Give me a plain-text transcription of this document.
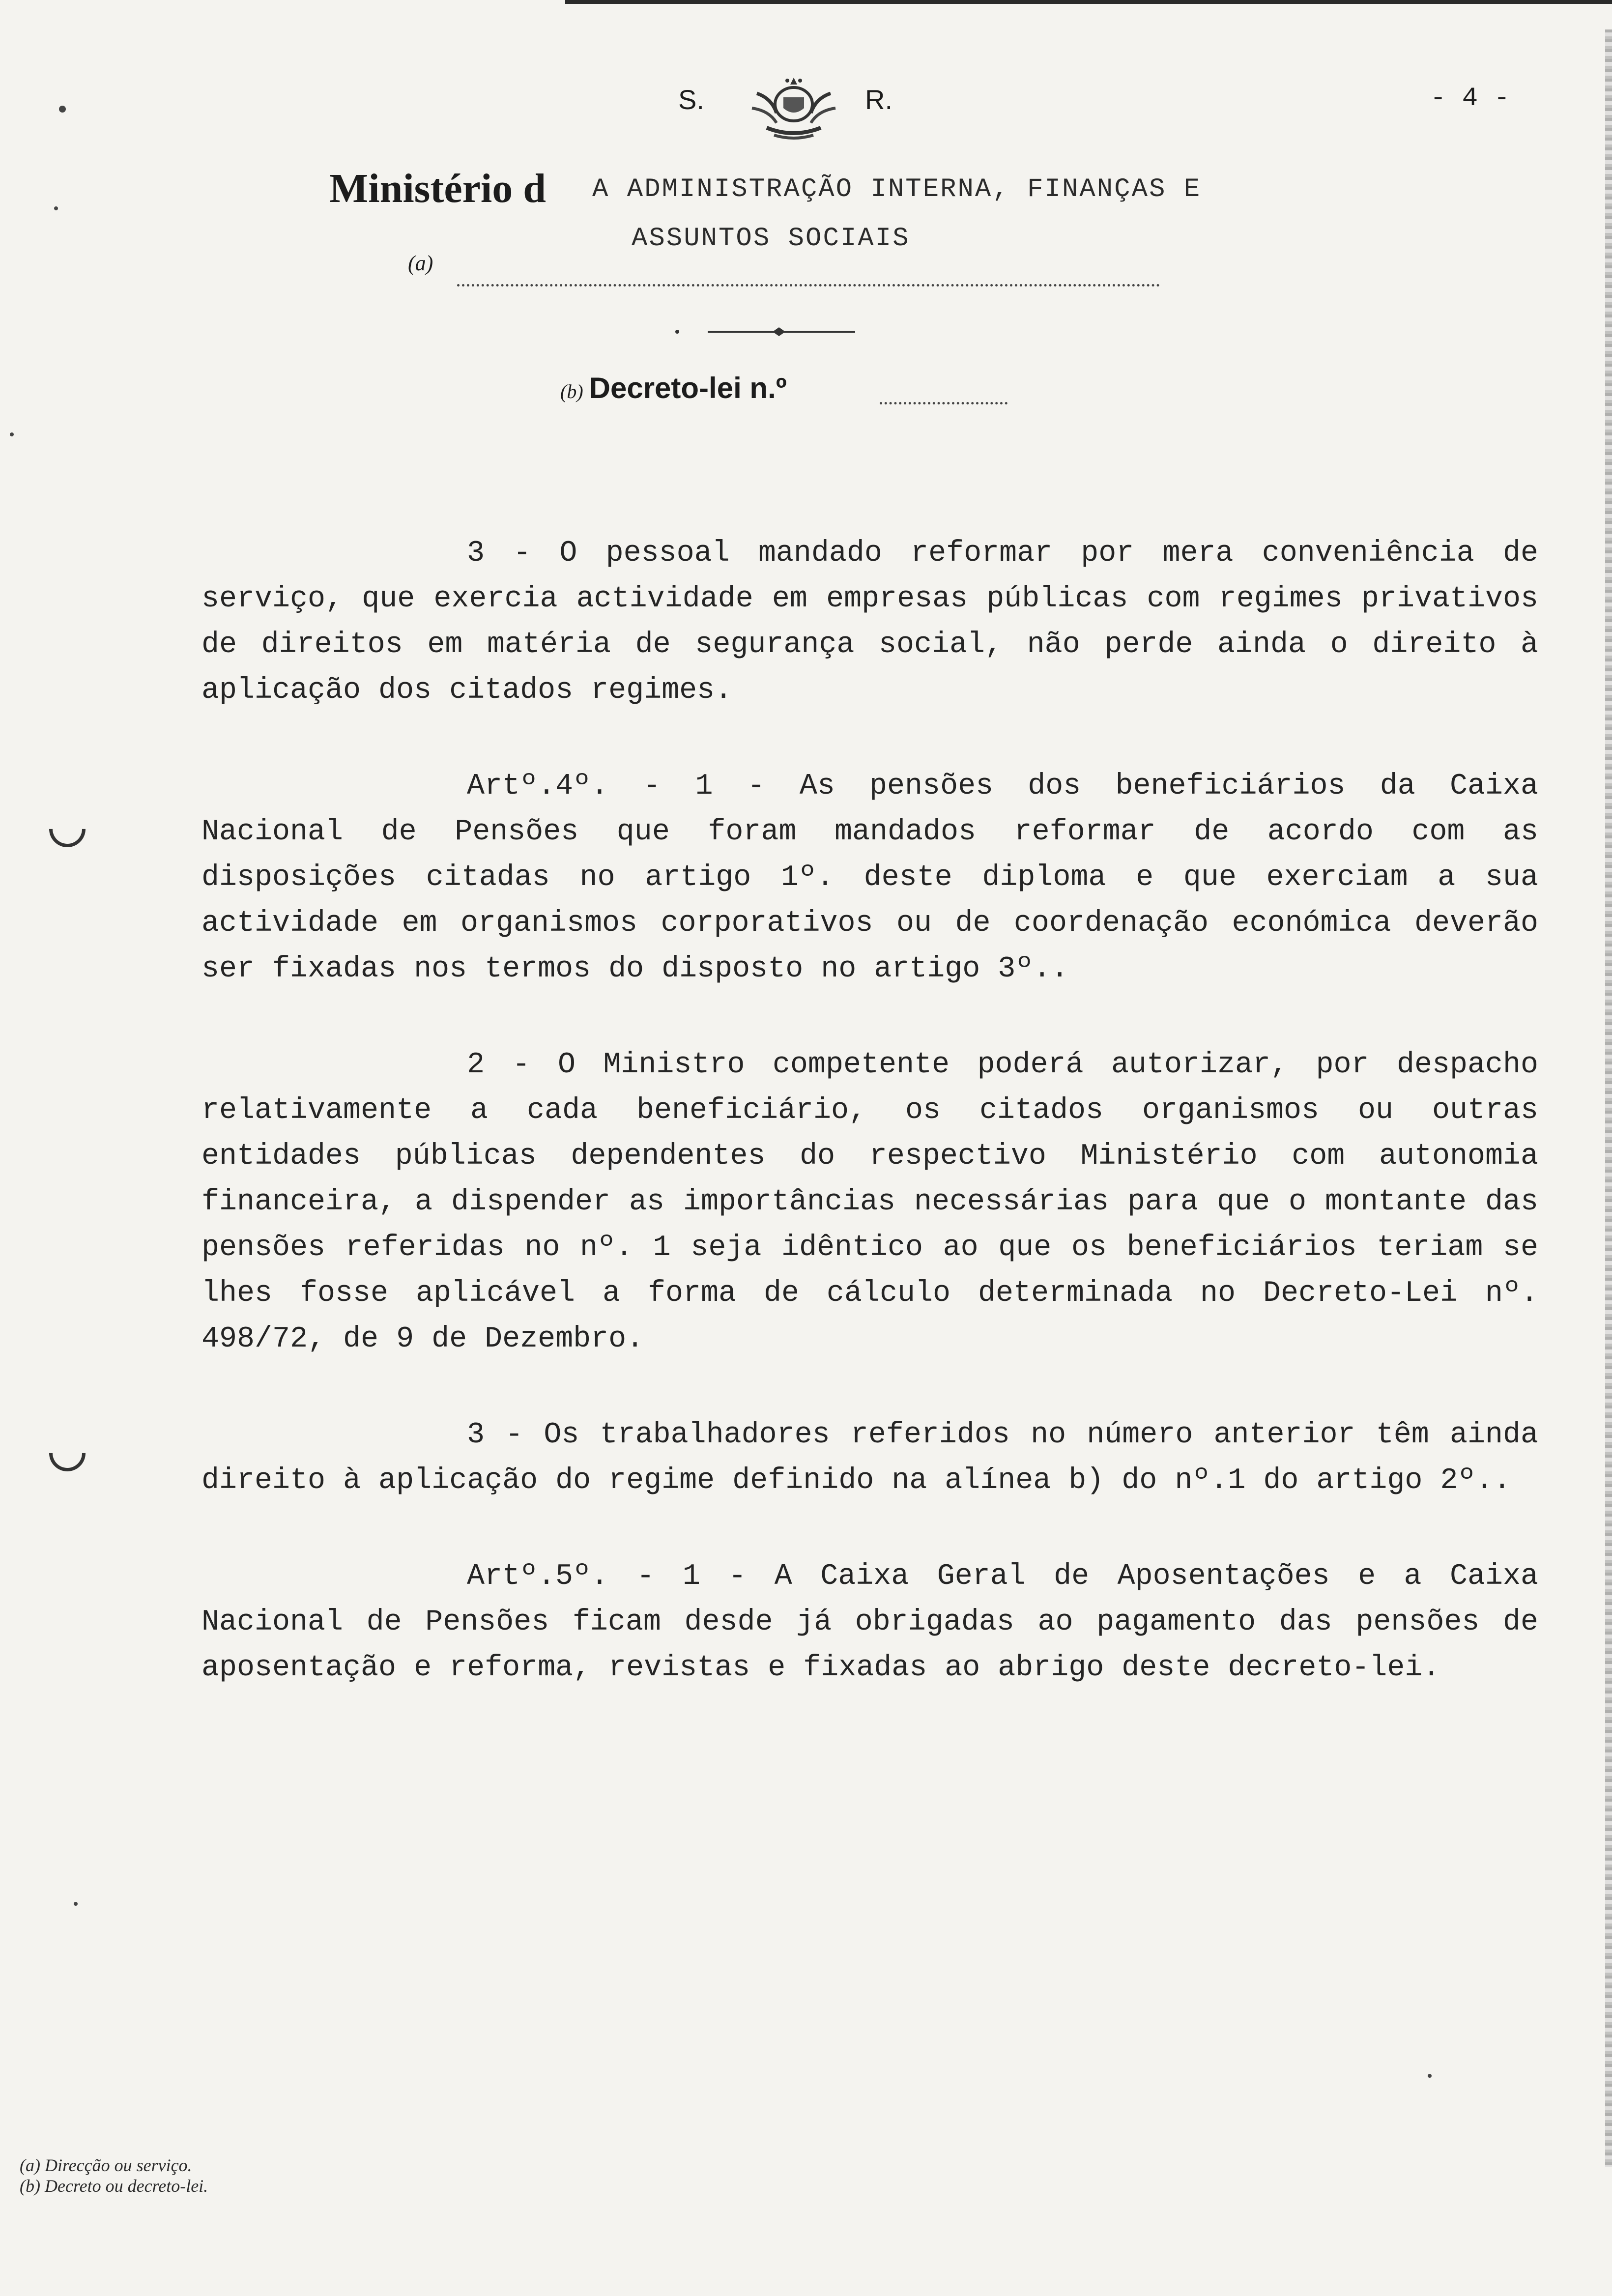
S.	R.	- 4 -
Ministério d A ADMINISTRAÇÃO INTERNA, FINANÇAS E
ASSUNTOS SOCIAIS
(a)
(b) Decreto-lei n.º

3 - O pessoal mandado reformar por mera conveniência de serviço, que exercia actividade em empresas públicas com regimes privativos de direitos em matéria de segurança social, não perde ainda o direito à aplicação dos citados regimes.

Artº.4º. - 1 - As pensões dos beneficiários da Caixa Nacional de Pensões que foram mandados reformar de acordo com as disposições citadas no artigo 1º. deste diploma e que exerciam a sua actividade em organismos corporativos ou de coordenação económica deverão ser fixadas nos termos do disposto no artigo 3º..

2 - O Ministro competente poderá autorizar, por despacho relativamente a cada beneficiário, os citados organismos ou outras entidades públicas dependentes do respectivo Ministério com autonomia financeira, a dispender as importâncias necessárias para que o montante das pensões referidas no nº. 1 seja idêntico ao que os beneficiários teriam se lhes fosse aplicável a forma de cálculo determinada no Decreto-Lei nº. 498/72, de 9 de Dezembro.

3 - Os trabalhadores referidos no número anterior têm ainda direito à aplicação do regime definido na alínea b) do nº.1 do artigo 2º..

Artº.5º. - 1 - A Caixa Geral de Aposentações e a Caixa Nacional de Pensões ficam desde já obrigadas ao pagamento das pensões de aposentação e reforma, revistas e fixadas ao abrigo deste decreto-lei.

(a) Direcção ou serviço.
(b) Decreto ou decreto-lei.
